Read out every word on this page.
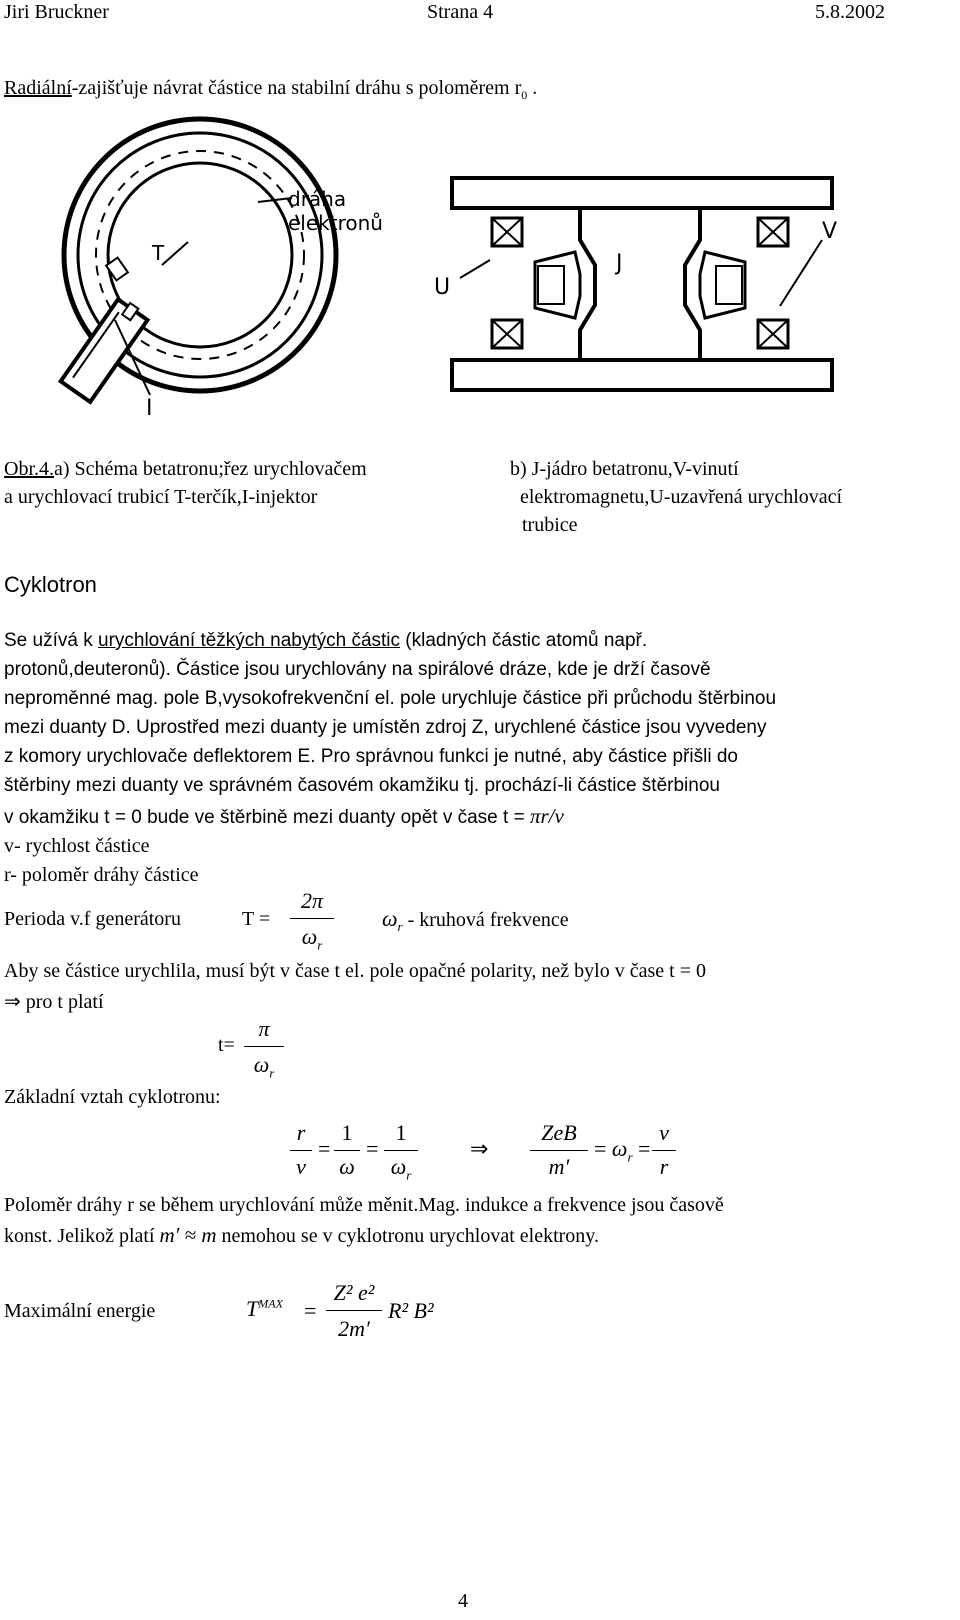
Jiri Bruckner	Strana 4	5.8.2002
Radiální-zajišťuje návrat částice na stabilní dráhu s poloměrem $r_0$ .
T
I
dráha
elektronů
J
U
V
Obr.4.a) Schéma betatronu;řez urychlovačem
a urychlovací trubicí T-terčík,I-injektor
b) J-jádro betatronu,V-vinutí
elektromagnetu,U-uzavřená urychlovací
trubice
Cyklotron
Se užívá k urychlování těžkých nabytých částic (kladných částic atomů např.
protonů,deuteronů). Částice jsou urychlovány na spirálové dráze, kde je drží časově
neproměnné mag. pole B,vysokofrekvenční el. pole urychluje částice při průchodu štěrbinou
mezi duanty D. Uprostřed mezi duanty je umístěn zdroj Z, urychlené částice jsou vyvedeny
z komory urychlovače deflektorem E. Pro správnou funkci je nutné, aby částice přišli do
štěrbiny mezi duanty ve správném časovém okamžiku tj. prochází-li částice štěrbinou
v okamžiku t = 0 bude ve štěrbině mezi duanty opět v čase t = πr/v
v- rychlost částice
r- poloměr dráhy částice
Perioda v.f generátoru	T =
2π
$\omega_r$
$\omega_r$ - kruhová frekvence
Aby se částice urychlila, musí být v čase t el. pole opačné polarity, než bylo v čase t = 0
⇒ pro t platí
t=
π
$\omega_r$
Základní vztah cyklotronu:
r
v
=
1
ω
=
1
$\omega_r$
⇒
ZeB
m′
= $\omega_r$ =
v
r
Poloměr dráhy r se během urychlování může měnit.Mag. indukce a frekvence jsou časově
konst. Jelikož platí m′ ≈ m nemohou se v cyklotronu urychlovat elektrony.
Maximální energie	$T^{MAX}$ =
Z² e²
2m′
R² B²
4
